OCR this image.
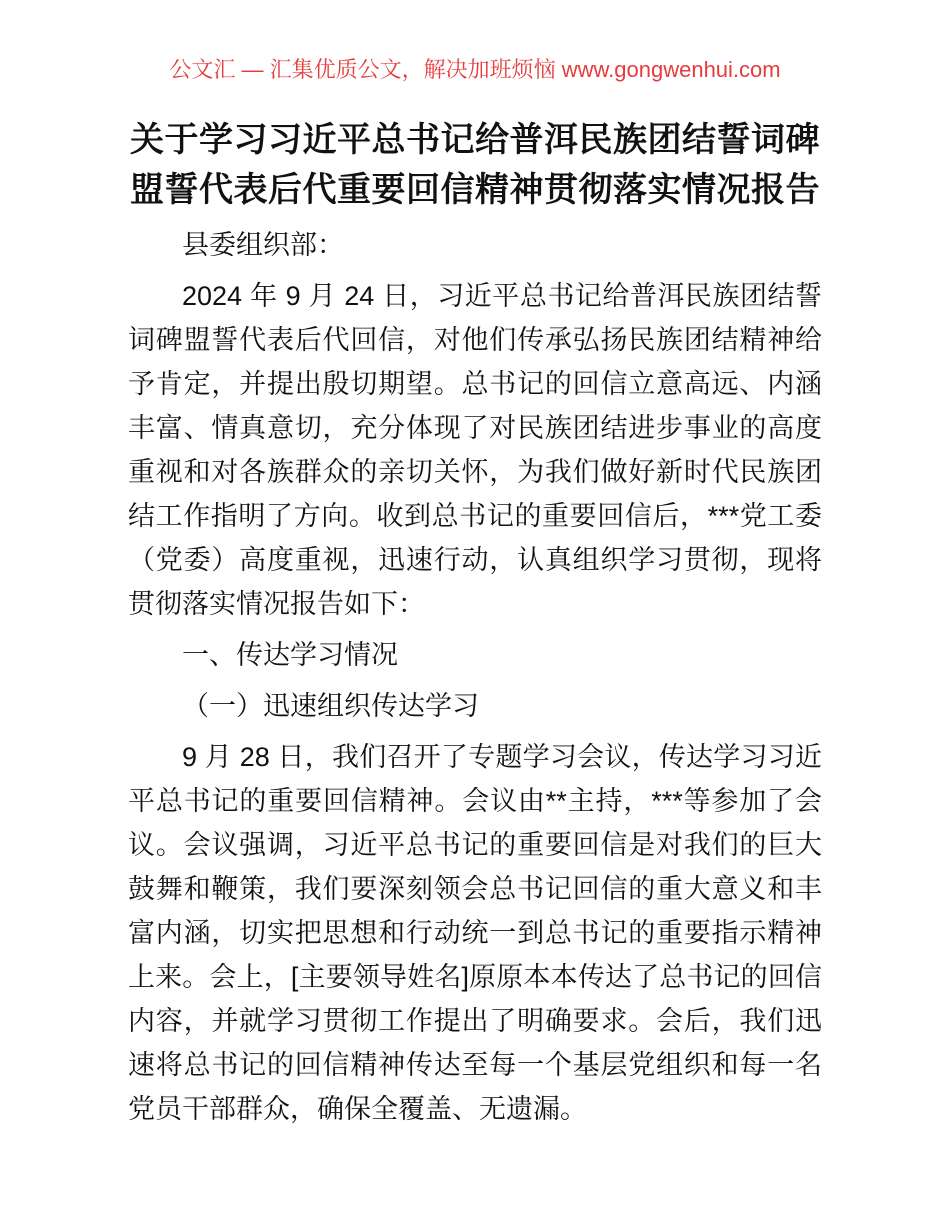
公文汇 — 汇集优质公文，解决加班烦恼 www.gongwenhui.com
关于学习习近平总书记给普洱民族团结誓词碑
盟誓代表后代重要回信精神贯彻落实情况报告

县委组织部：

2024 年 9 月 24 日，习近平总书记给普洱民族团结誓词碑盟誓代表后代回信，对他们传承弘扬民族团结精神给予肯定，并提出殷切期望。总书记的回信立意高远、内涵丰富、情真意切，充分体现了对民族团结进步事业的高度重视和对各族群众的亲切关怀，为我们做好新时代民族团结工作指明了方向。收到总书记的重要回信后，***党工委（党委）高度重视，迅速行动，认真组织学习贯彻，现将贯彻落实情况报告如下：

一、传达学习情况

（一）迅速组织传达学习

9 月 28 日，我们召开了专题学习会议，传达学习习近平总书记的重要回信精神。会议由**主持，***等参加了会议。会议强调，习近平总书记的重要回信是对我们的巨大鼓舞和鞭策，我们要深刻领会总书记回信的重大意义和丰富内涵，切实把思想和行动统一到总书记的重要指示精神上来。会上，[主要领导姓名]原原本本传达了总书记的回信内容，并就学习贯彻工作提出了明确要求。会后，我们迅速将总书记的回信精神传达至每一个基层党组织和每一名党员干部群众，确保全覆盖、无遗漏。
